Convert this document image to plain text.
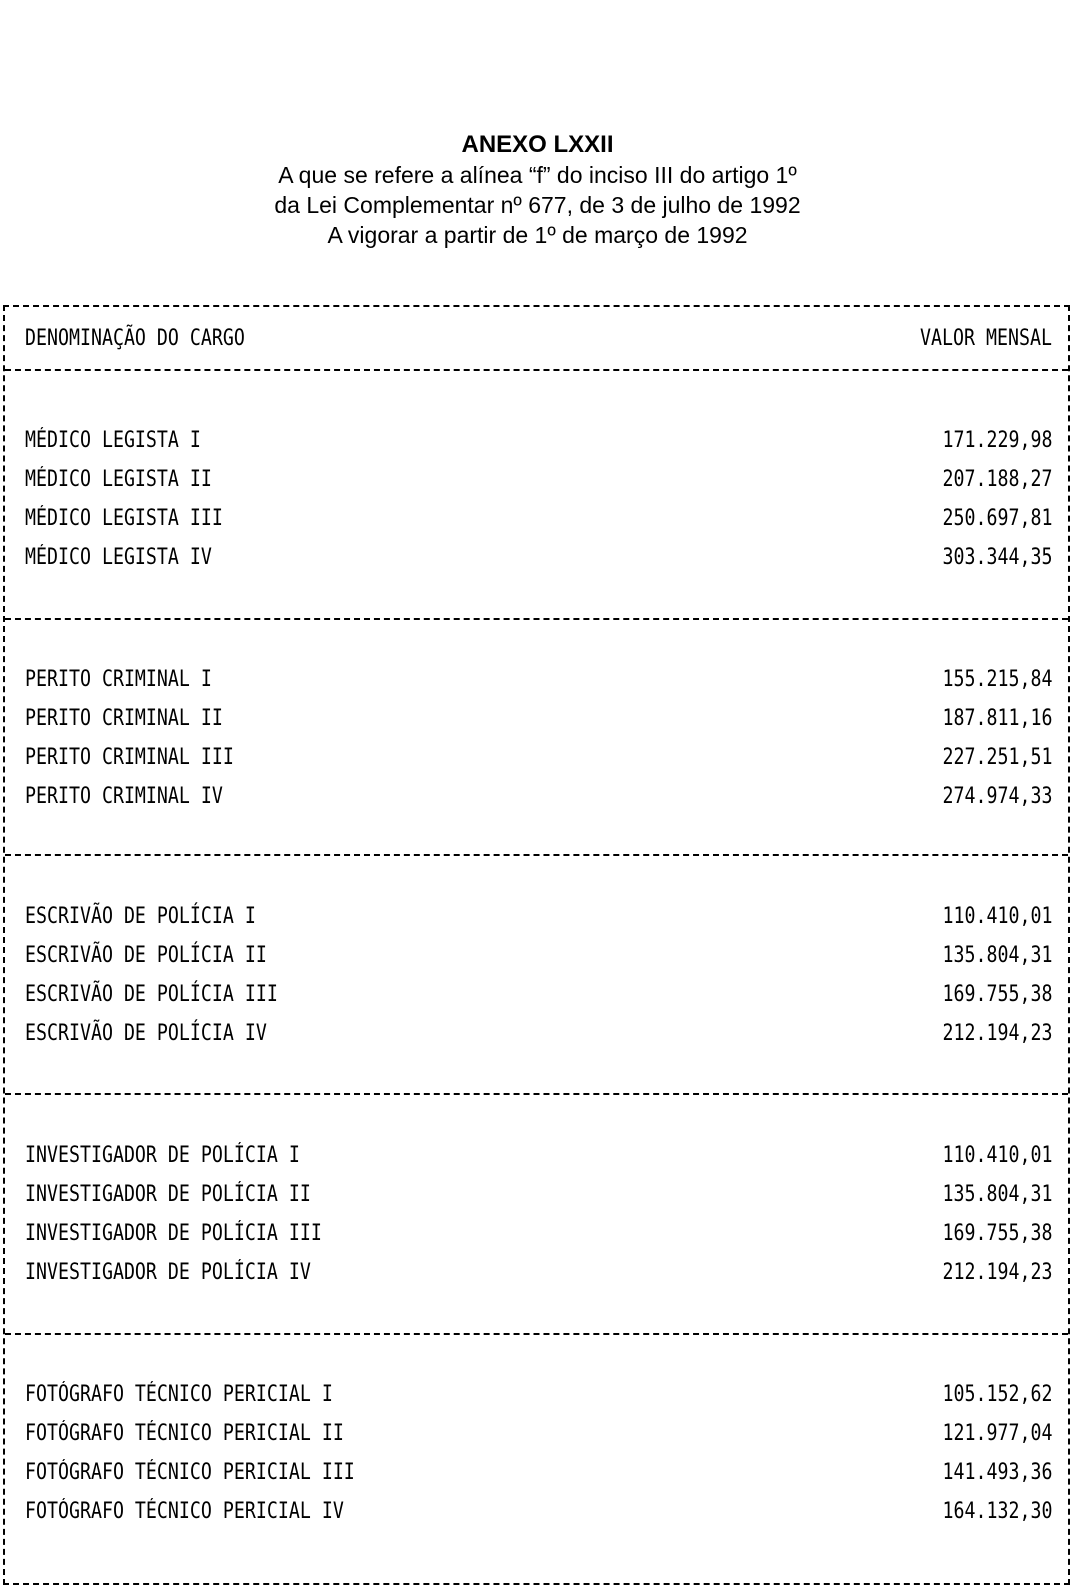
ANEXO LXXII
A que se refere a alínea “f” do inciso III do artigo 1º
da Lei Complementar nº 677, de 3 de julho de 1992
A vigorar a partir de 1º de março de 1992
DENOMINAÇÃO DO CARGO	VALOR MENSAL
MÉDICO LEGISTA I	171.229,98
MÉDICO LEGISTA II	207.188,27
MÉDICO LEGISTA III	250.697,81
MÉDICO LEGISTA IV	303.344,35
PERITO CRIMINAL I	155.215,84
PERITO CRIMINAL II	187.811,16
PERITO CRIMINAL III	227.251,51
PERITO CRIMINAL IV	274.974,33
ESCRIVÃO DE POLÍCIA I	110.410,01
ESCRIVÃO DE POLÍCIA II	135.804,31
ESCRIVÃO DE POLÍCIA III	169.755,38
ESCRIVÃO DE POLÍCIA IV	212.194,23
INVESTIGADOR DE POLÍCIA I	110.410,01
INVESTIGADOR DE POLÍCIA II	135.804,31
INVESTIGADOR DE POLÍCIA III	169.755,38
INVESTIGADOR DE POLÍCIA IV	212.194,23
FOTÓGRAFO TÉCNICO PERICIAL I	105.152,62
FOTÓGRAFO TÉCNICO PERICIAL II	121.977,04
FOTÓGRAFO TÉCNICO PERICIAL III	141.493,36
FOTÓGRAFO TÉCNICO PERICIAL IV	164.132,30
